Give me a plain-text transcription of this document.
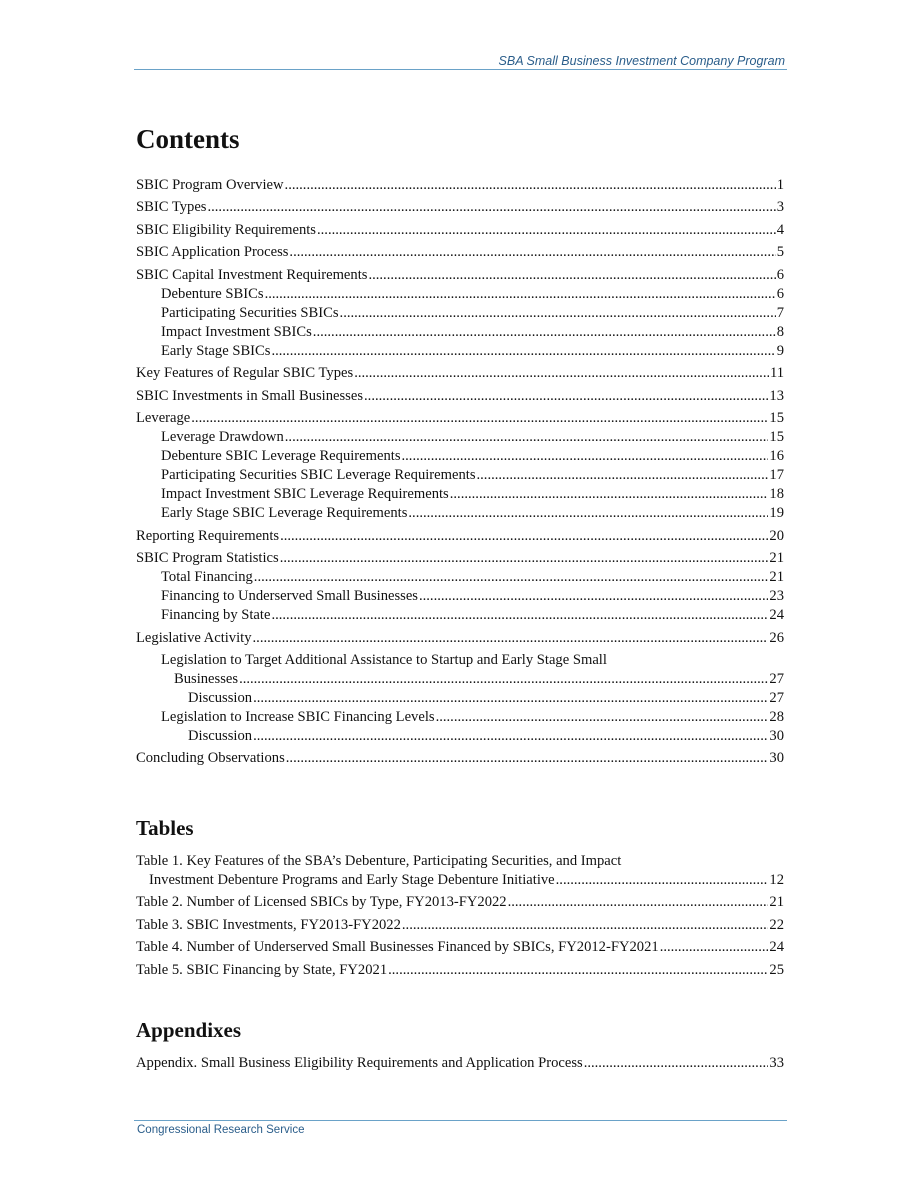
SBA Small Business Investment Company Program
Contents
SBIC Program Overview .....	1
SBIC Types .....	3
SBIC Eligibility Requirements .....	4
SBIC Application Process .....	5
SBIC Capital Investment Requirements .....	6
Debenture SBICs .....	6
Participating Securities SBICs .....	7
Impact Investment SBICs .....	8
Early Stage SBICs .....	9
Key Features of Regular SBIC Types .....	11
SBIC Investments in Small Businesses .....	13
Leverage .....	15
Leverage Drawdown .....	15
Debenture SBIC Leverage Requirements .....	16
Participating Securities SBIC Leverage Requirements .....	17
Impact Investment SBIC Leverage Requirements .....	18
Early Stage SBIC Leverage Requirements .....	19
Reporting Requirements .....	20
SBIC Program Statistics .....	21
Total Financing .....	21
Financing to Underserved Small Businesses .....	23
Financing by State .....	24
Legislative Activity .....	26
Legislation to Target Additional Assistance to Startup and Early Stage Small
Businesses .....	27
Discussion .....	27
Legislation to Increase SBIC Financing Levels .....	28
Discussion .....	30
Concluding Observations .....	30
Tables
Table 1. Key Features of the SBA’s Debenture, Participating Securities, and Impact
Investment Debenture Programs and Early Stage Debenture Initiative .....	12
Table 2. Number of Licensed SBICs by Type, FY2013-FY2022 .....	21
Table 3. SBIC Investments, FY2013-FY2022 .....	22
Table 4. Number of Underserved Small Businesses Financed by SBICs, FY2012-FY2021 .....	24
Table 5. SBIC Financing by State, FY2021 .....	25
Appendixes
Appendix. Small Business Eligibility Requirements and Application Process .....	33
Congressional Research Service
